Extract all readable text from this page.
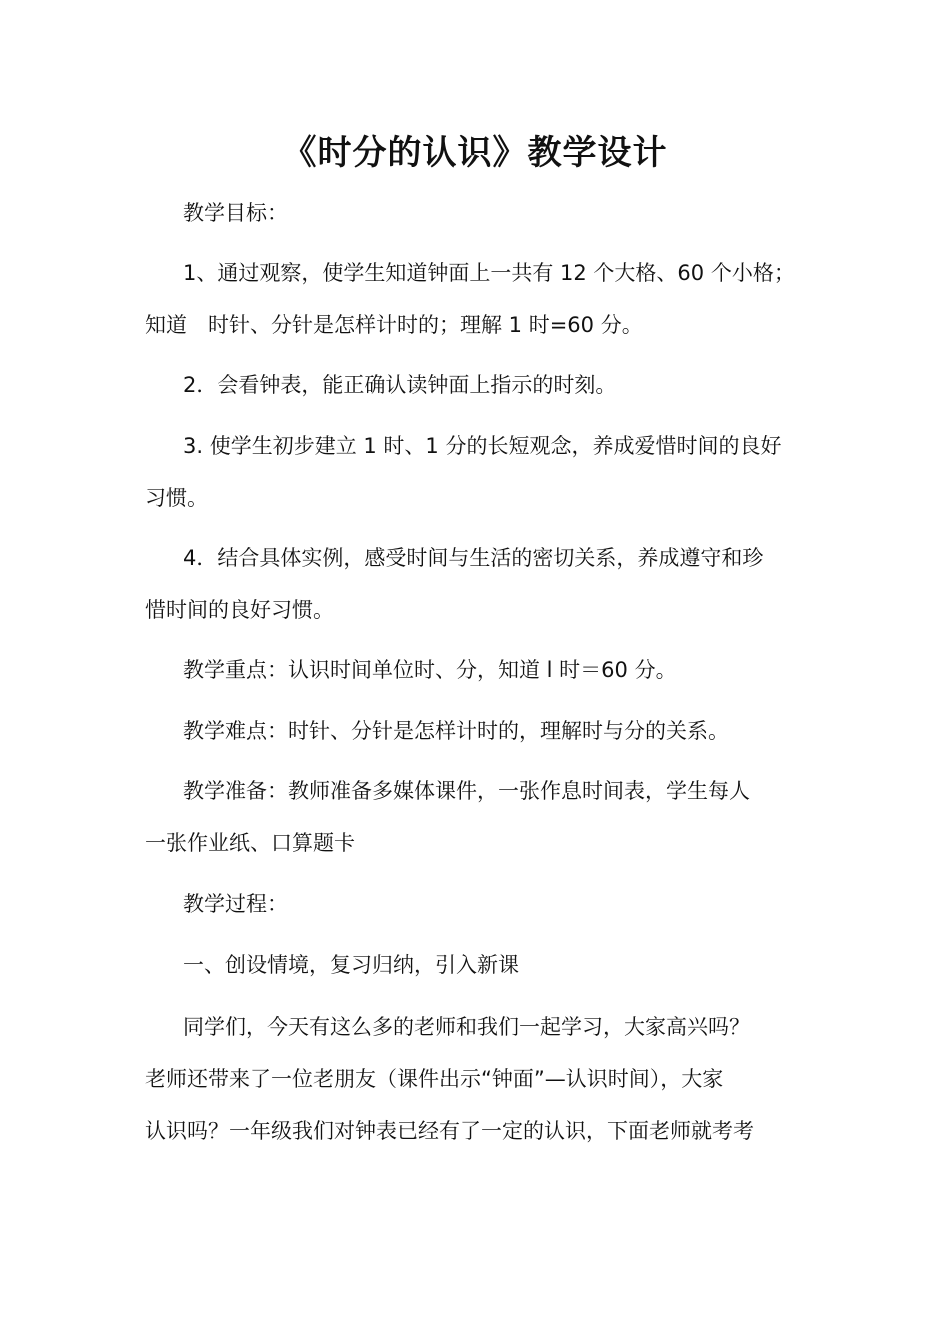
《时分的认识》教学设计

教学目标：

1、通过观察，使学生知道钟面上一共有 12 个大格、60 个小格；

知道　时针、分针是怎样计时的；理解 1 时=60 分。

2．会看钟表，能正确认读钟面上指示的时刻。

3. 使学生初步建立 1 时、1 分的长短观念，养成爱惜时间的良好

习惯。

4．结合具体实例，感受时间与生活的密切关系，养成遵守和珍

惜时间的良好习惯。

教学重点：认识时间单位时、分，知道 l 时＝60 分。

教学难点：时针、分针是怎样计时的，理解时与分的关系。

教学准备：教师准备多媒体课件，一张作息时间表，学生每人

一张作业纸、口算题卡

教学过程：

一、创设情境，复习归纳，引入新课

同学们，今天有这么多的老师和我们一起学习，大家高兴吗？

老师还带来了一位老朋友（课件出示“钟面”—认识时间），大家

认识吗？一年级我们对钟表已经有了一定的认识，下面老师就考考
